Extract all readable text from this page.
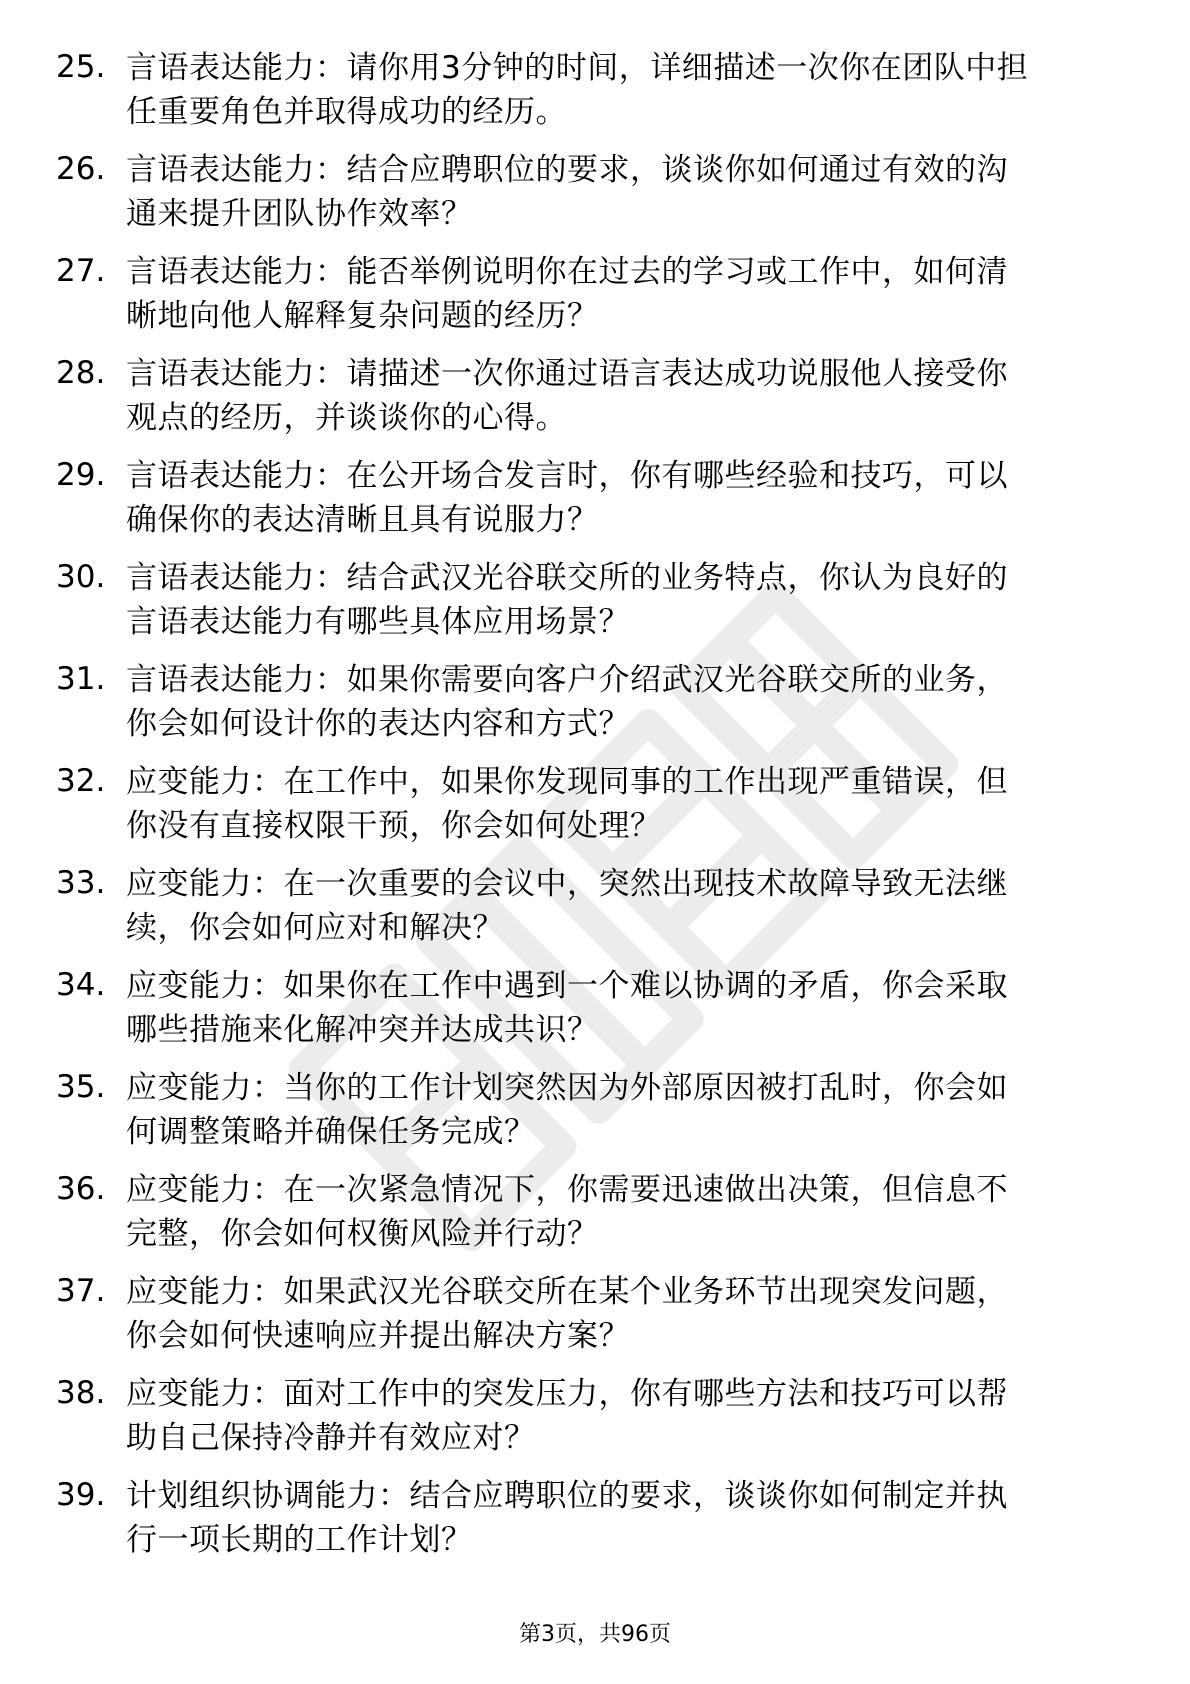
25. 言语表达能力：请你用3分钟的时间，详细描述一次你在团队中担
任重要角色并取得成功的经历。
26. 言语表达能力：结合应聘职位的要求，谈谈你如何通过有效的沟
通来提升团队协作效率？
27. 言语表达能力：能否举例说明你在过去的学习或工作中，如何清
晰地向他人解释复杂问题的经历？
28. 言语表达能力：请描述一次你通过语言表达成功说服他人接受你
观点的经历，并谈谈你的心得。
29. 言语表达能力：在公开场合发言时，你有哪些经验和技巧，可以
确保你的表达清晰且具有说服力？
30. 言语表达能力：结合武汉光谷联交所的业务特点，你认为良好的
言语表达能力有哪些具体应用场景？
31. 言语表达能力：如果你需要向客户介绍武汉光谷联交所的业务，
你会如何设计你的表达内容和方式？
32. 应变能力：在工作中，如果你发现同事的工作出现严重错误，但
你没有直接权限干预，你会如何处理？
33. 应变能力：在一次重要的会议中，突然出现技术故障导致无法继
续，你会如何应对和解决？
34. 应变能力：如果你在工作中遇到一个难以协调的矛盾，你会采取
哪些措施来化解冲突并达成共识？
35. 应变能力：当你的工作计划突然因为外部原因被打乱时，你会如
何调整策略并确保任务完成？
36. 应变能力：在一次紧急情况下，你需要迅速做出决策，但信息不
完整，你会如何权衡风险并行动？
37. 应变能力：如果武汉光谷联交所在某个业务环节出现突发问题，
你会如何快速响应并提出解决方案？
38. 应变能力：面对工作中的突发压力，你有哪些方法和技巧可以帮
助自己保持冷静并有效应对？
39. 计划组织协调能力：结合应聘职位的要求，谈谈你如何制定并执
行一项长期的工作计划？
第3页，共96页
